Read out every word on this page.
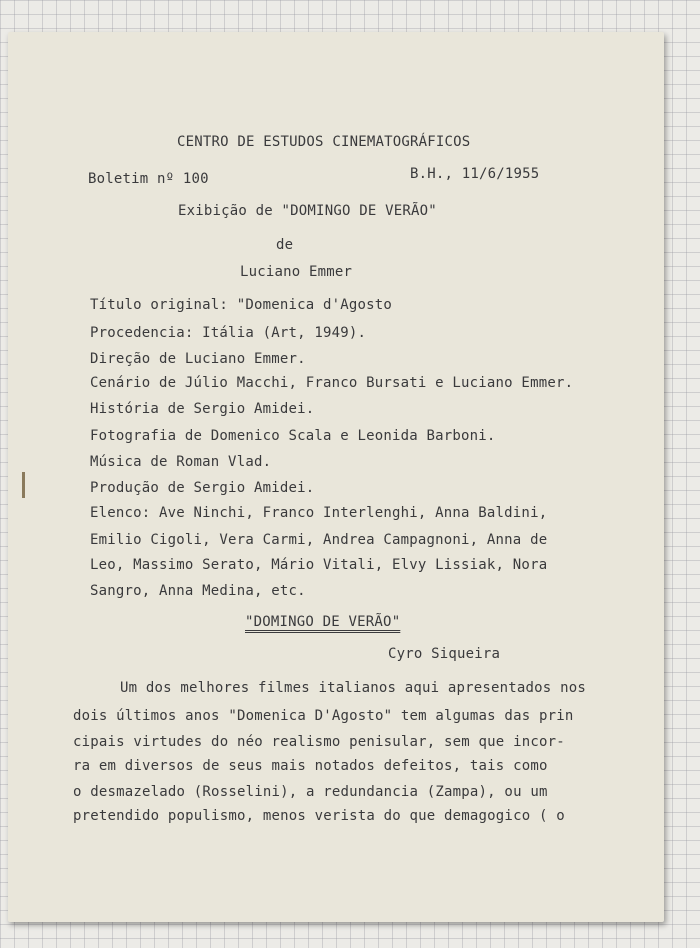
CENTRO DE ESTUDOS CINEMATOGRÁFICOS
Boletim nº 100	B.H., 11/6/1955
Exibição de "DOMINGO DE VERÃO"
de
Luciano Emmer
Título original: "Domenica d'Agosto
Procedencia: Itália (Art, 1949).
Direção de Luciano Emmer.
Cenário de Júlio Macchi, Franco Bursati e Luciano Emmer.
História de Sergio Amidei.
Fotografia de Domenico Scala e Leonida Barboni.
Música de Roman Vlad.
Produção de Sergio Amidei.
Elenco: Ave Ninchi, Franco Interlenghi, Anna Baldini,
Emilio Cigoli, Vera Carmi, Andrea Campagnoni, Anna de
Leo, Massimo Serato, Mário Vitali, Elvy Lissiak, Nora
Sangro, Anna Medina, etc.
"DOMINGO DE VERÃO"
Cyro Siqueira
Um dos melhores filmes italianos aqui apresentados nos
dois últimos anos "Domenica D'Agosto" tem algumas das prin
cipais virtudes do néo realismo penisular, sem que incor-
ra em diversos de seus mais notados defeitos, tais como
o desmazelado (Rosselini), a redundancia (Zampa), ou um
pretendido populismo, menos verista do que demagogico ( o
